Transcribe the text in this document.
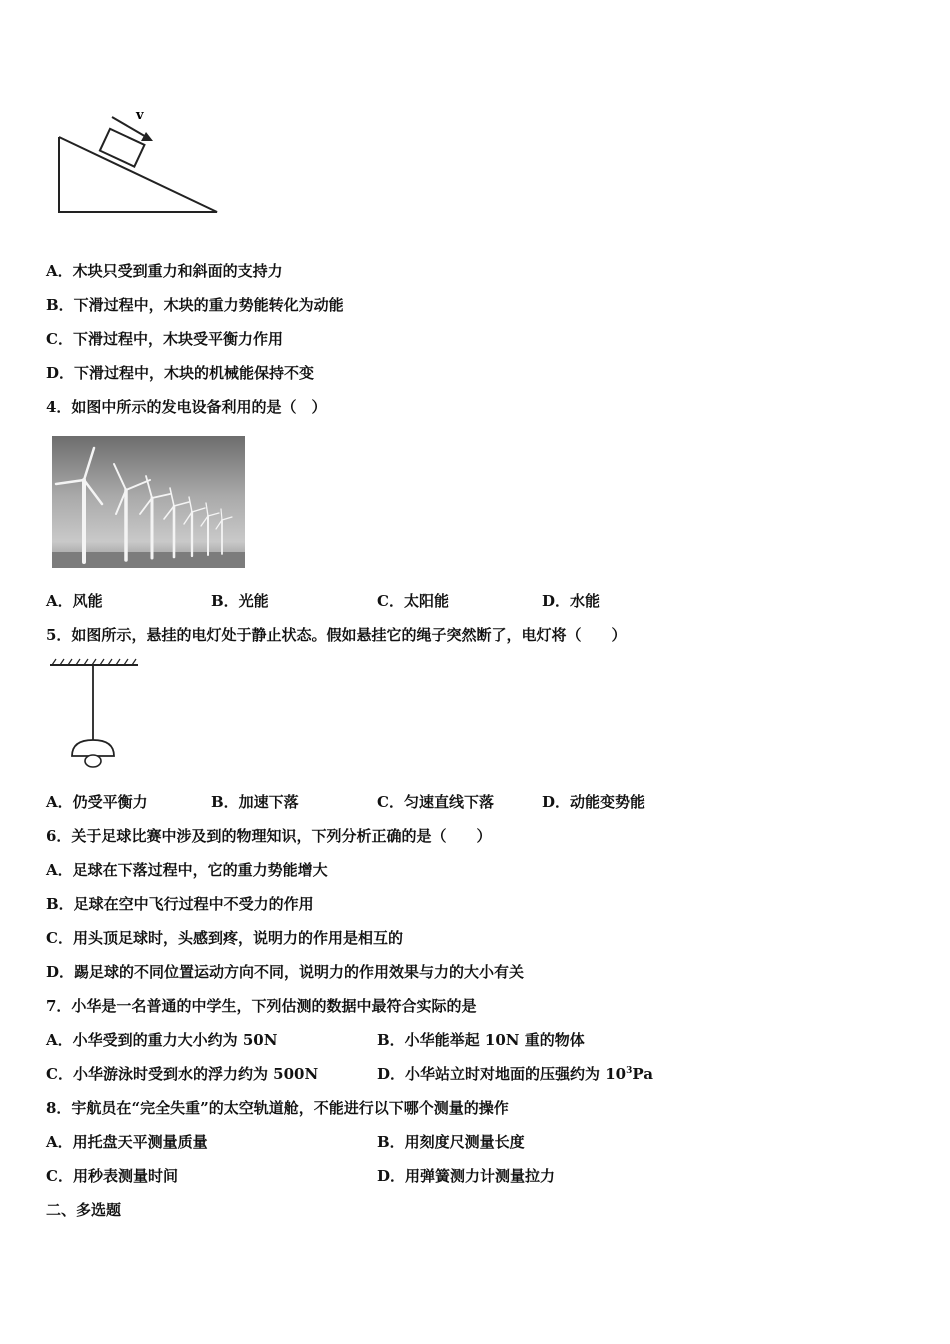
v
A．木块只受到重力和斜面的支持力
B．下滑过程中，木块的重力势能转化为动能
C．下滑过程中，木块受平衡力作用
D．下滑过程中，木块的机械能保持不变
4．如图中所示的发电设备利用的是（　）
A．风能	B．光能	C．太阳能	D．水能
5．如图所示，悬挂的电灯处于静止状态。假如悬挂它的绳子突然断了，电灯将（　　）
A．仍受平衡力	B．加速下落	C．匀速直线下落	D．动能变势能
6．关于足球比赛中涉及到的物理知识，下列分析正确的是（　　）
A．足球在下落过程中，它的重力势能增大
B．足球在空中飞行过程中不受力的作用
C．用头顶足球时，头感到疼，说明力的作用是相互的
D．踢足球的不同位置运动方向不同，说明力的作用效果与力的大小有关
7．小华是一名普通的中学生，下列估测的数据中最符合实际的是
A．小华受到的重力大小约为 50N	B．小华能举起 10N 重的物体
C．小华游泳时受到水的浮力约为 500N	D．小华站立时对地面的压强约为 $10^3Pa$
8．宇航员在“完全失重”的太空轨道舱，不能进行以下哪个测量的操作
A．用托盘天平测量质量	B．用刻度尺测量长度
C．用秒表测量时间	D．用弹簧测力计测量拉力
二、多选题
